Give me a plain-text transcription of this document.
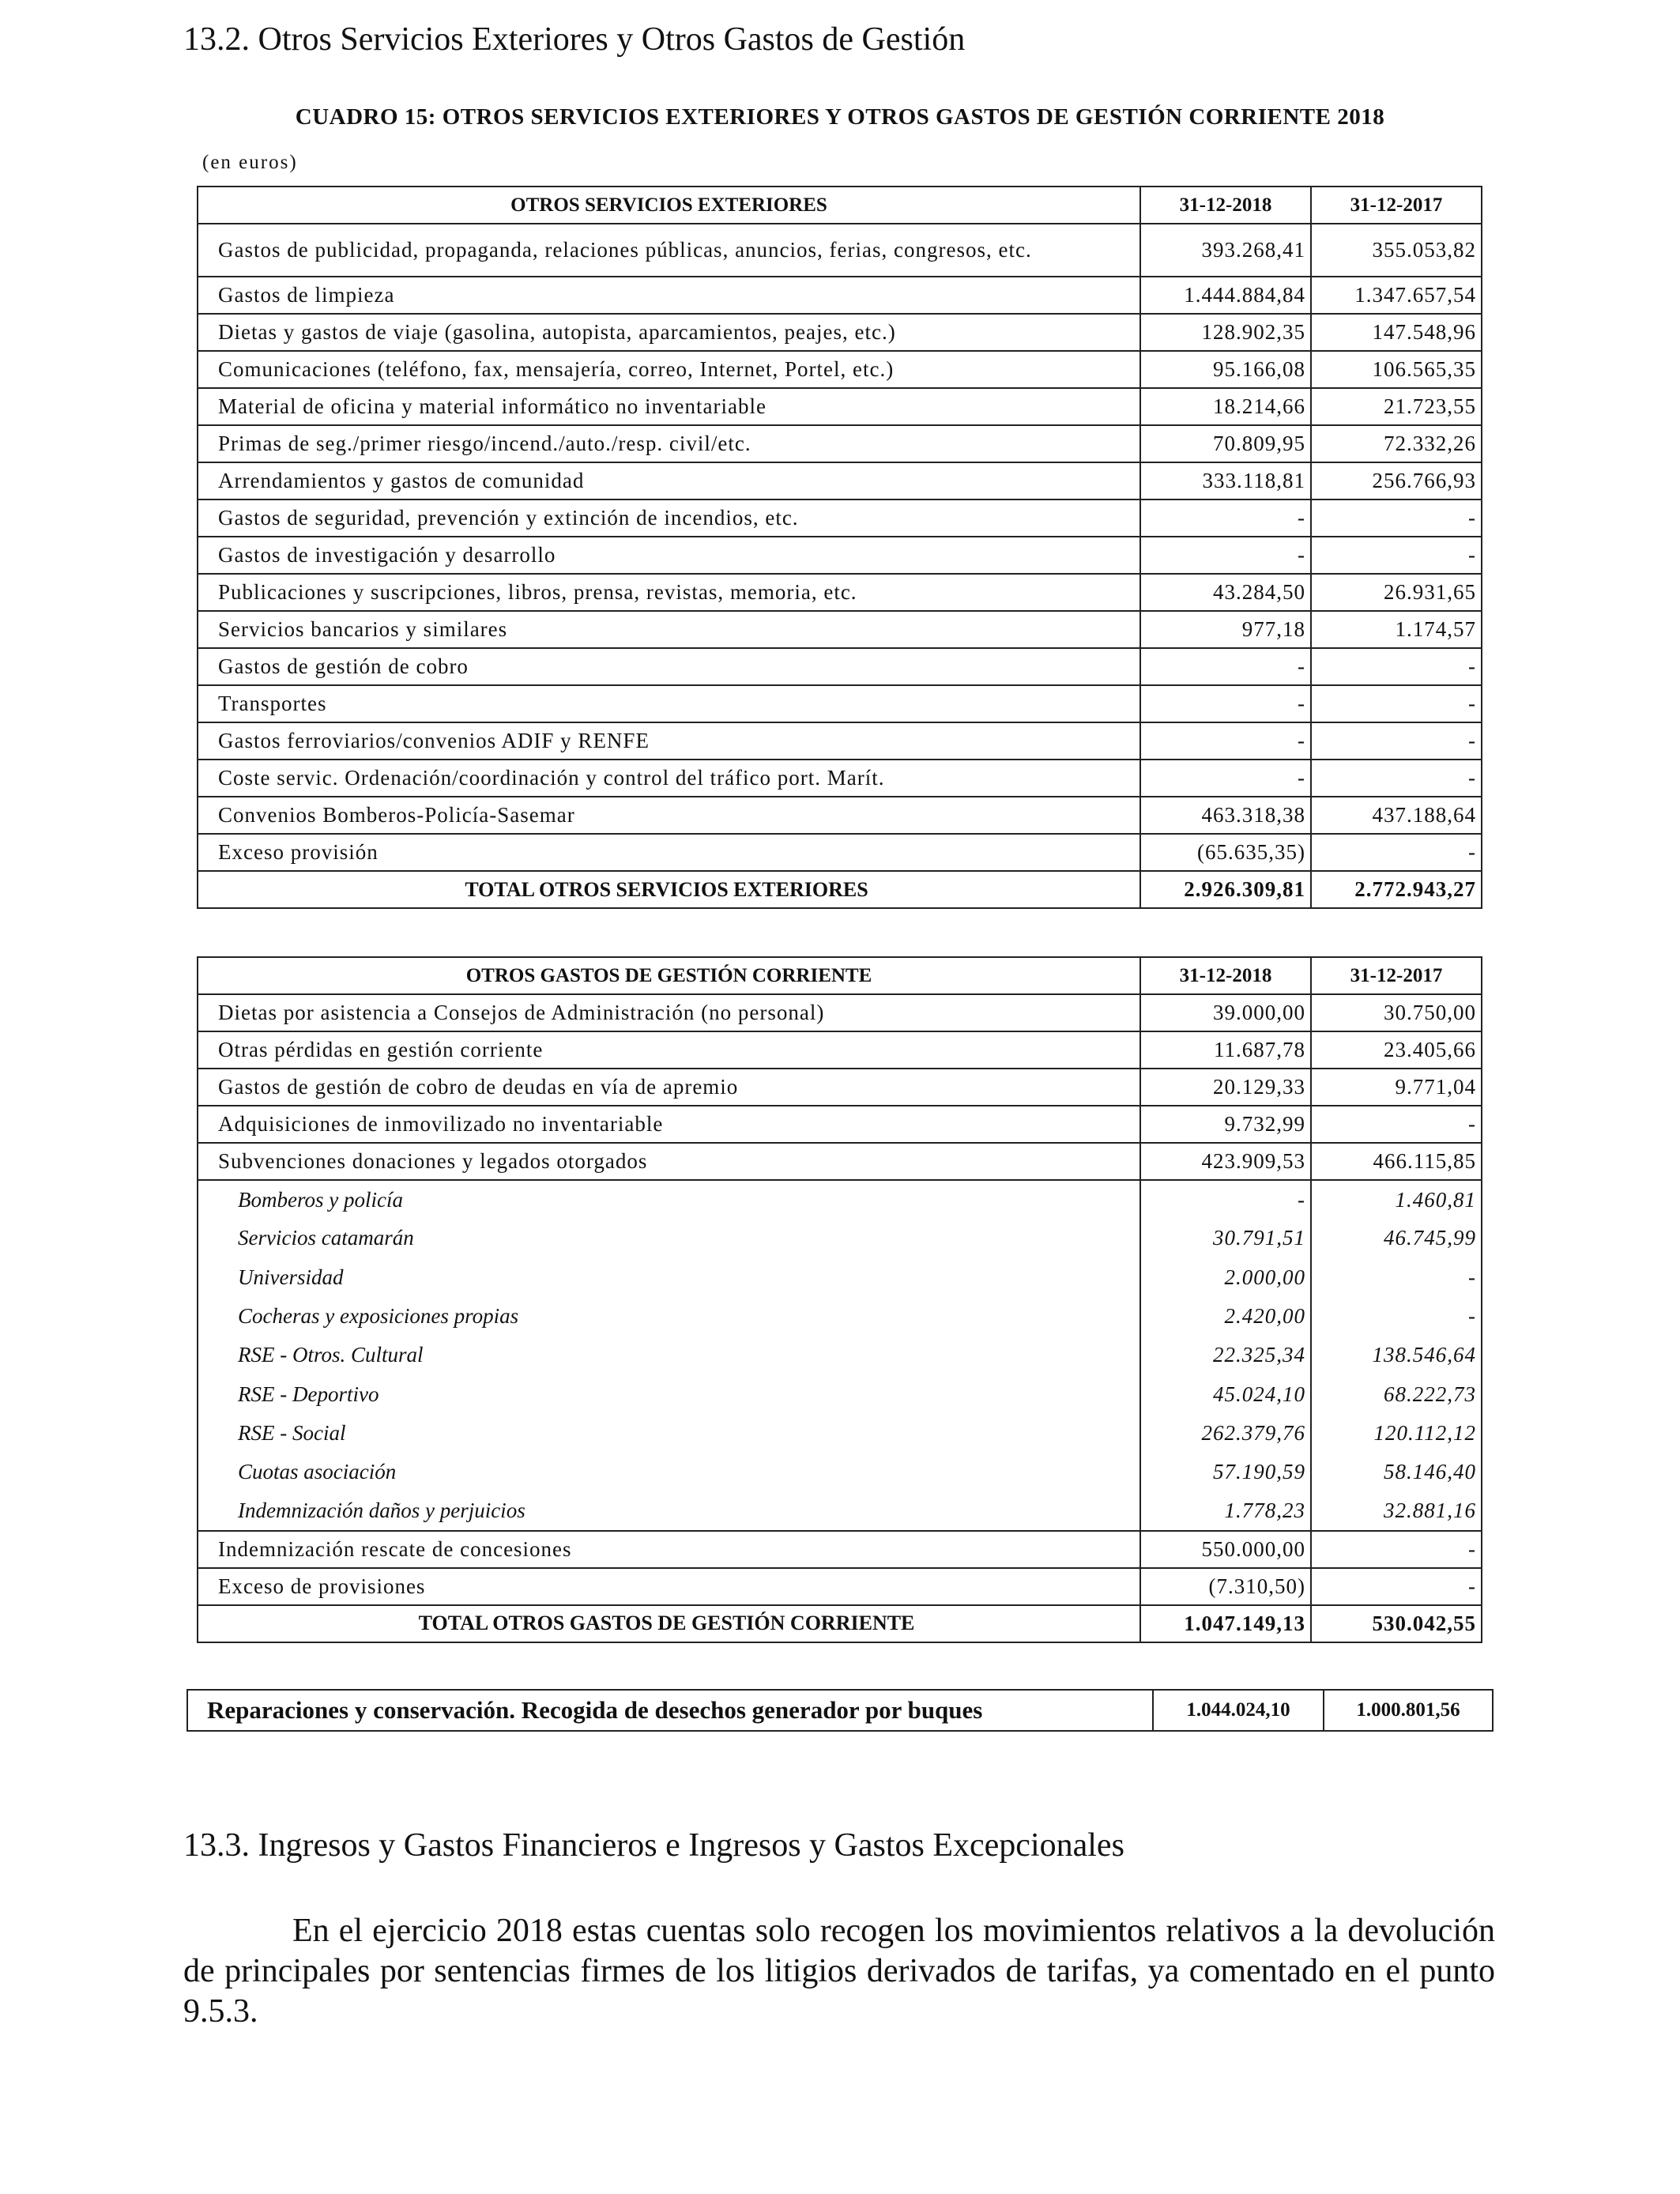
13.2. Otros Servicios Exteriores y Otros Gastos de Gestión

CUADRO 15: OTROS SERVICIOS EXTERIORES Y OTROS GASTOS DE GESTIÓN CORRIENTE 2018

(en euros)
OTROS SERVICIOS EXTERIORES	31-12-2018	31-12-2017
Gastos de publicidad, propaganda, relaciones públicas, anuncios, ferias, congresos, etc.	393.268,41	355.053,82
Gastos de limpieza	1.444.884,84	1.347.657,54
Dietas y gastos de viaje (gasolina, autopista, aparcamientos, peajes, etc.)	128.902,35	147.548,96
Comunicaciones (teléfono, fax, mensajería, correo, Internet, Portel, etc.)	95.166,08	106.565,35
Material de oficina y material informático no inventariable	18.214,66	21.723,55
Primas de seg./primer riesgo/incend./auto./resp. civil/etc.	70.809,95	72.332,26
Arrendamientos y gastos de comunidad	333.118,81	256.766,93
Gastos de seguridad, prevención y extinción de incendios, etc.	-	-
Gastos de investigación y desarrollo	-	-
Publicaciones y suscripciones, libros, prensa, revistas, memoria, etc.	43.284,50	26.931,65
Servicios bancarios y similares	977,18	1.174,57
Gastos de gestión de cobro	-	-
Transportes	-	-
Gastos ferroviarios/convenios ADIF y RENFE	-	-
Coste servic. Ordenación/coordinación y control del tráfico port. Marít.	-	-
Convenios Bomberos-Policía-Sasemar	463.318,38	437.188,64
Exceso provisión	(65.635,35)	-
TOTAL OTROS SERVICIOS EXTERIORES	2.926.309,81	2.772.943,27
OTROS GASTOS DE GESTIÓN CORRIENTE	31-12-2018	31-12-2017
Dietas por asistencia a Consejos de Administración (no personal)	39.000,00	30.750,00
Otras pérdidas en gestión corriente	11.687,78	23.405,66
Gastos de gestión de cobro de deudas en vía de apremio	20.129,33	9.771,04
Adquisiciones de inmovilizado no inventariable	9.732,99	-
Subvenciones donaciones y legados otorgados	423.909,53	466.115,85
Bomberos y policía	-	1.460,81
Servicios catamarán	30.791,51	46.745,99
Universidad	2.000,00	-
Cocheras y exposiciones propias	2.420,00	-
RSE - Otros. Cultural	22.325,34	138.546,64
RSE - Deportivo	45.024,10	68.222,73
RSE - Social	262.379,76	120.112,12
Cuotas asociación	57.190,59	58.146,40
Indemnización daños y perjuicios	1.778,23	32.881,16
Indemnización rescate de concesiones	550.000,00	-
Exceso de provisiones	(7.310,50)	-
TOTAL OTROS GASTOS DE GESTIÓN CORRIENTE	1.047.149,13	530.042,55
Reparaciones y conservación. Recogida de desechos generador por buques	1.044.024,10	1.000.801,56
13.3. Ingresos y Gastos Financieros e Ingresos y Gastos Excepcionales

En el ejercicio 2018 estas cuentas solo recogen los movimientos relativos a la devolución de principales por sentencias firmes de los litigios derivados de tarifas, ya comentado en el punto 9.5.3.
